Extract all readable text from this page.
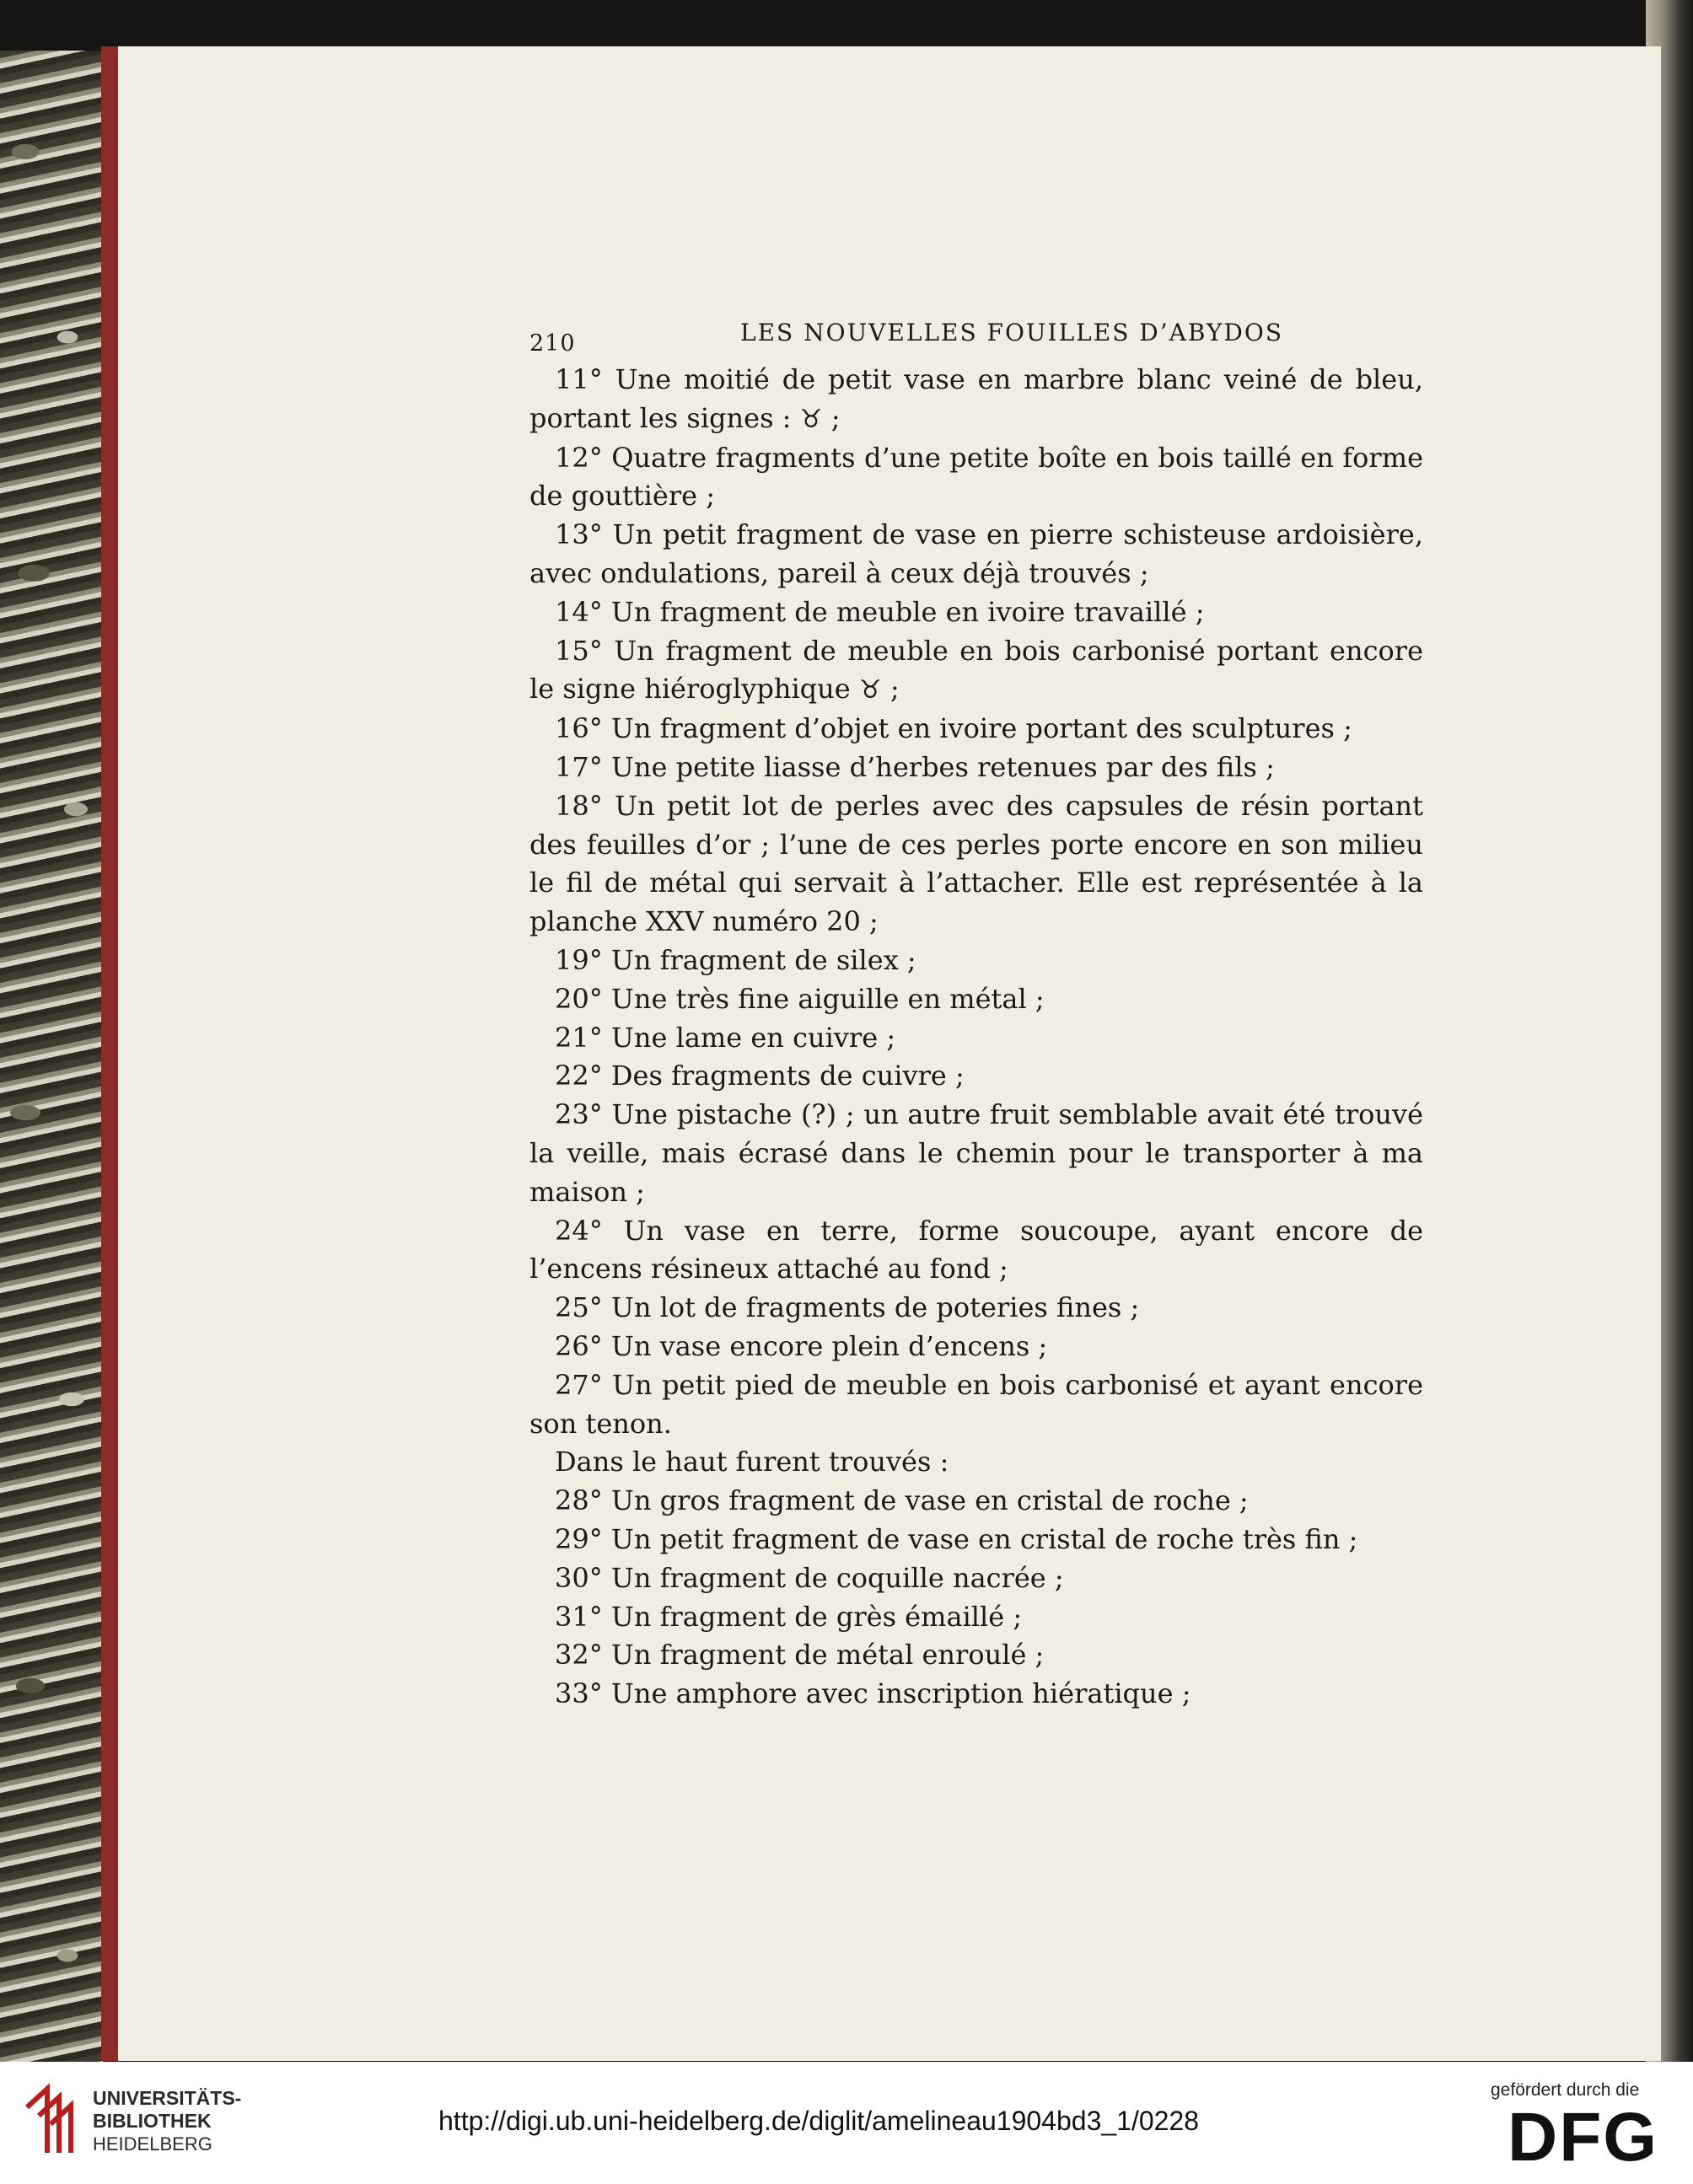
210	LES NOUVELLES FOUILLES D’ABYDOS

11° Une moitié de petit vase en marbre blanc veiné de bleu, portant les signes : ♉ ;

12° Quatre fragments d’une petite boîte en bois taillé en forme de gouttière ;

13° Un petit fragment de vase en pierre schisteuse ardoisière, avec ondulations, pareil à ceux déjà trouvés ;

14° Un fragment de meuble en ivoire travaillé ;

15° Un fragment de meuble en bois carbonisé portant encore le signe hiéroglyphique ♉ ;

16° Un fragment d’objet en ivoire portant des sculptures ;

17° Une petite liasse d’herbes retenues par des fils ;

18° Un petit lot de perles avec des capsules de résin portant des feuilles d’or ; l’une de ces perles porte encore en son milieu le fil de métal qui servait à l’attacher. Elle est représentée à la planche XXV numéro 20 ;

19° Un fragment de silex ;

20° Une très fine aiguille en métal ;

21° Une lame en cuivre ;

22° Des fragments de cuivre ;

23° Une pistache (?) ; un autre fruit semblable avait été trouvé la veille, mais écrasé dans le chemin pour le transporter à ma maison ;

24° Un vase en terre, forme soucoupe, ayant encore de l’encens résineux attaché au fond ;

25° Un lot de fragments de poteries fines ;

26° Un vase encore plein d’encens ;

27° Un petit pied de meuble en bois carbonisé et ayant encore son tenon.

Dans le haut furent trouvés :

28° Un gros fragment de vase en cristal de roche ;

29° Un petit fragment de vase en cristal de roche très fin ;

30° Un fragment de coquille nacrée ;

31° Un fragment de grès émaillé ;

32° Un fragment de métal enroulé ;

33° Une amphore avec inscription hiératique ;

UNIVERSITÄTS-
BIBLIOTHEK
HEIDELBERG
http://digi.ub.uni-heidelberg.de/diglit/amelineau1904bd3_1/0228
gefördert durch die
DFG
